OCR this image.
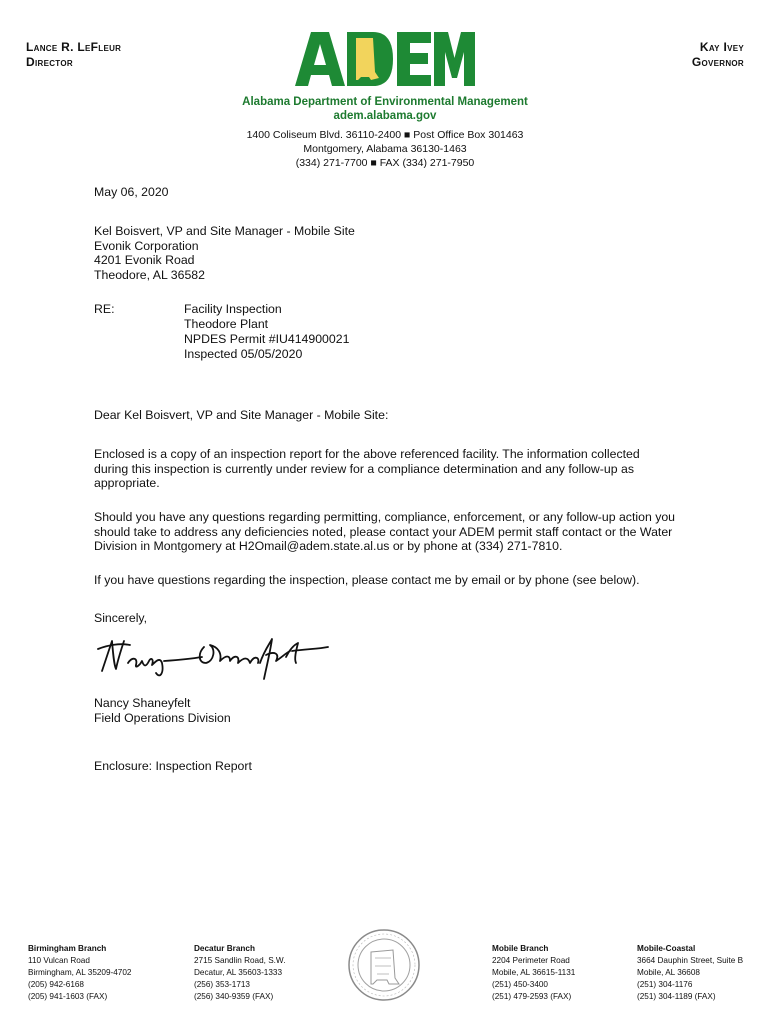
Lance R. LeFleur
Director
Kay Ivey
Governor
Alabama Department of Environmental Management
adem.alabama.gov
1400 Coliseum Blvd. 36110-2400 ■ Post Office Box 301463
Montgomery, Alabama 36130-1463
(334) 271-7700 ■ FAX (334) 271-7950
May 06, 2020
Kel Boisvert, VP and Site Manager - Mobile Site
Evonik Corporation
4201 Evonik Road
Theodore, AL 36582
RE:	Facility Inspection
Theodore Plant
NPDES Permit #IU414900021
Inspected 05/05/2020
Dear Kel Boisvert, VP and Site Manager - Mobile Site:

Enclosed is a copy of an inspection report for the above referenced facility. The information collected during this inspection is currently under review for a compliance determination and any follow-up as appropriate.

Should you have any questions regarding permitting, compliance, enforcement, or any follow-up action you should take to address any deficiencies noted, please contact your ADEM permit staff contact or the Water Division in Montgomery at H2Omail@adem.state.al.us or by phone at (334) 271-7810.

If you have questions regarding the inspection, please contact me by email or by phone (see below).

Sincerely,
Nancy Shaneyfelt
Field Operations Division
Enclosure: Inspection Report
Birmingham Branch
110 Vulcan Road
Birmingham, AL 35209-4702
(205) 942-6168
(205) 941-1603 (FAX)
Decatur Branch
2715 Sandlin Road, S.W.
Decatur, AL 35603-1333
(256) 353-1713
(256) 340-9359 (FAX)
Mobile Branch
2204 Perimeter Road
Mobile, AL 36615-1131
(251) 450-3400
(251) 479-2593 (FAX)
Mobile-Coastal
3664 Dauphin Street, Suite B
Mobile, AL 36608
(251) 304-1176
(251) 304-1189 (FAX)
